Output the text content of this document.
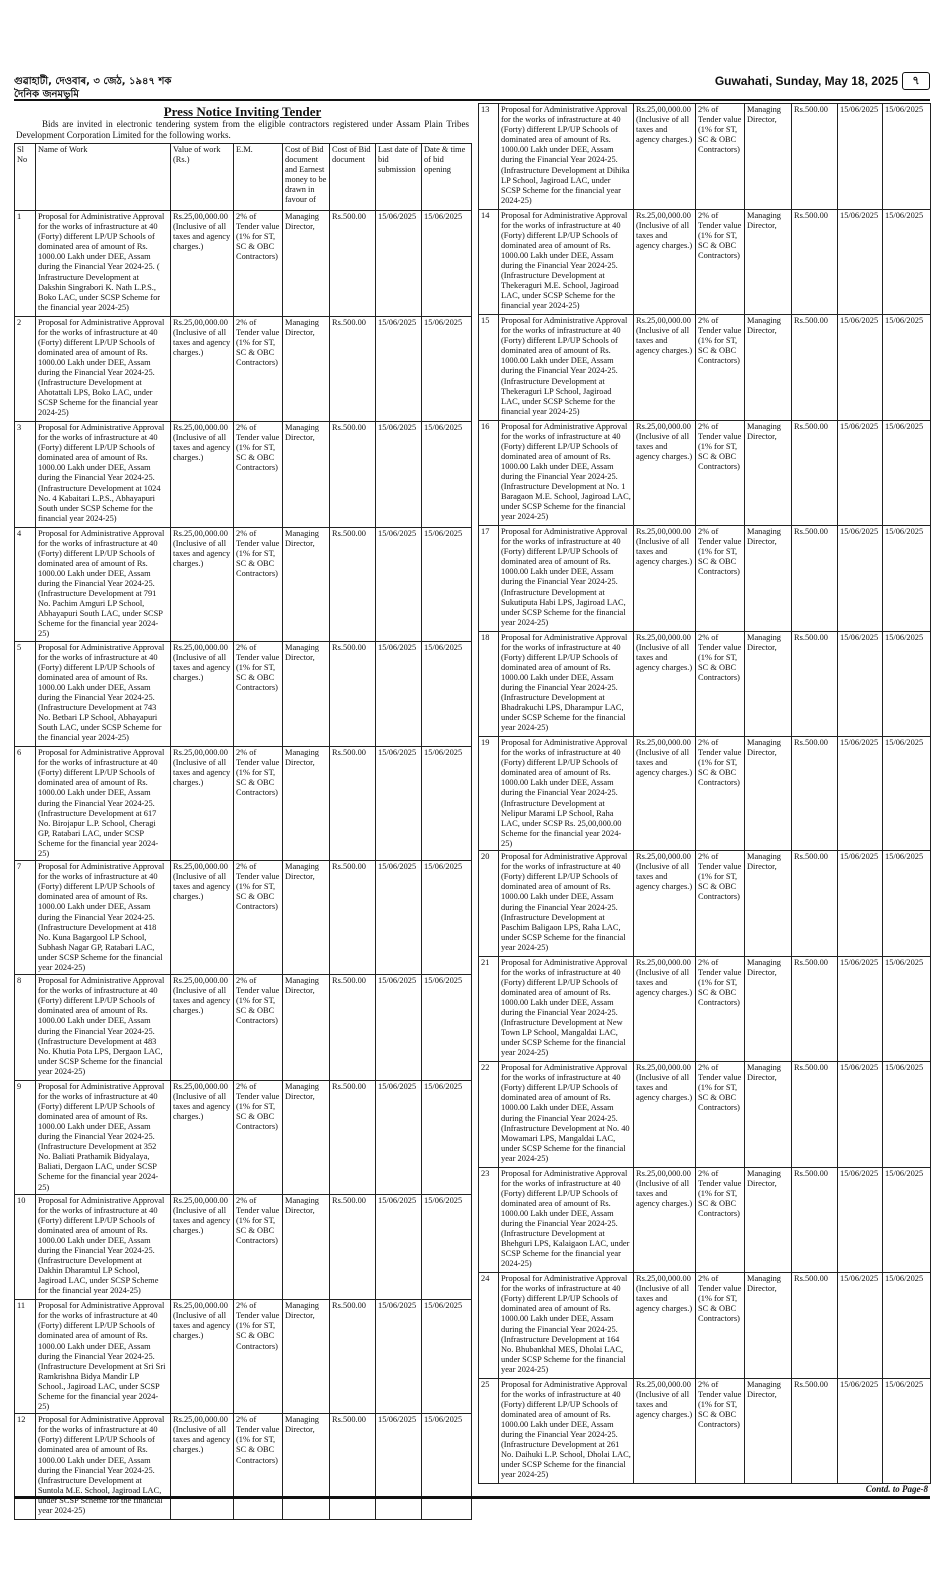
গুৱাহাটী, দেওবাৰ, ৩ জেঠ, ১৯৪৭ শক
দৈনিক জনমভূমি
Guwahati, Sunday, May 18, 2025	৭
Press Notice Inviting Tender
Bids are invited in electronic tendering system from the eligible contractors registered under Assam Plain Tribes Development Corporation Limited for the following works.
Sl No	Name of Work	Value of work (Rs.)	E.M.	Cost of Bid document and Earnest money to be drawn in favour of	Cost of Bid document	Last date of bid submission	Date & time of bid opening
1	Proposal for Administrative Approval for the works of infrastructure at 40 (Forty) different LP/UP Schools of dominated area of amount of Rs. 1000.00 Lakh under DEE, Assam during the Financial Year 2024-25. ( Infrastructure Development at Dakshin Singrabori K. Nath L.P.S., Boko LAC, under SCSP Scheme for the financial year 2024-25)	Rs.25,00,000.00 (Inclusive of all taxes and agency charges.)	2% of Tender value (1% for ST, SC & OBC Contractors)	Managing Director,	Rs.500.00	15/06/2025	15/06/2025
2	Proposal for Administrative Approval for the works of infrastructure at 40 (Forty) different LP/UP Schools of dominated area of amount of Rs. 1000.00 Lakh under DEE, Assam during the Financial Year 2024-25. (Infrastructure Development at Ahotattali LPS, Boko LAC, under SCSP Scheme for the financial year 2024-25)	Rs.25,00,000.00 (Inclusive of all taxes and agency charges.)	2% of Tender value (1% for ST, SC & OBC Contractors)	Managing Director,	Rs.500.00	15/06/2025	15/06/2025
3	Proposal for Administrative Approval for the works of infrastructure at 40 (Forty) different LP/UP Schools of dominated area of amount of Rs. 1000.00 Lakh under DEE, Assam during the Financial Year 2024-25. (Infrastructure Development at 1024 No. 4 Kabaitari L.P.S., Abhayapuri South under SCSP Scheme for the financial year 2024-25)	Rs.25,00,000.00 (Inclusive of all taxes and agency charges.)	2% of Tender value (1% for ST, SC & OBC Contractors)	Managing Director,	Rs.500.00	15/06/2025	15/06/2025
4	Proposal for Administrative Approval for the works of infrastructure at 40 (Forty) different LP/UP Schools of dominated area of amount of Rs. 1000.00 Lakh under DEE, Assam during the Financial Year 2024-25. (Infrastructure Development at 791 No. Pachim Amguri LP School, Abhayapuri South LAC, under SCSP Scheme for the financial year 2024-25)	Rs.25,00,000.00 (Inclusive of all taxes and agency charges.)	2% of Tender value (1% for ST, SC & OBC Contractors)	Managing Director,	Rs.500.00	15/06/2025	15/06/2025
5	Proposal for Administrative Approval for the works of infrastructure at 40 (Forty) different LP/UP Schools of dominated area of amount of Rs. 1000.00 Lakh under DEE, Assam during the Financial Year 2024-25. (Infrastructure Development at 743 No. Betbari LP School, Abhayapuri South LAC, under SCSP Scheme for the financial year 2024-25)	Rs.25,00,000.00 (Inclusive of all taxes and agency charges.)	2% of Tender value (1% for ST, SC & OBC Contractors)	Managing Director,	Rs.500.00	15/06/2025	15/06/2025
6	Proposal for Administrative Approval for the works of infrastructure at 40 (Forty) different LP/UP Schools of dominated area of amount of Rs. 1000.00 Lakh under DEE, Assam during the Financial Year 2024-25. (Infrastructure Development at 617 No. Birojapur L.P. School, Cheragi GP, Ratabari LAC, under SCSP Scheme for the financial year 2024-25)	Rs.25,00,000.00 (Inclusive of all taxes and agency charges.)	2% of Tender value (1% for ST, SC & OBC Contractors)	Managing Director,	Rs.500.00	15/06/2025	15/06/2025
7	Proposal for Administrative Approval for the works of infrastructure at 40 (Forty) different LP/UP Schools of dominated area of amount of Rs. 1000.00 Lakh under DEE, Assam during the Financial Year 2024-25. (Infrastructure Development at 418 No. Kuna Bagargool LP School, Subhash Nagar GP, Ratabari LAC, under SCSP Scheme for the financial year 2024-25)	Rs.25,00,000.00 (Inclusive of all taxes and agency charges.)	2% of Tender value (1% for ST, SC & OBC Contractors)	Managing Director,	Rs.500.00	15/06/2025	15/06/2025
8	Proposal for Administrative Approval for the works of infrastructure at 40 (Forty) different LP/UP Schools of dominated area of amount of Rs. 1000.00 Lakh under DEE, Assam during the Financial Year 2024-25. (Infrastructure Development at 483 No. Khutia Pota LPS, Dergaon LAC, under SCSP Scheme for the financial year 2024-25)	Rs.25,00,000.00 (Inclusive of all taxes and agency charges.)	2% of Tender value (1% for ST, SC & OBC Contractors)	Managing Director,	Rs.500.00	15/06/2025	15/06/2025
9	Proposal for Administrative Approval for the works of infrastructure at 40 (Forty) different LP/UP Schools of dominated area of amount of Rs. 1000.00 Lakh under DEE, Assam during the Financial Year 2024-25. (Infrastructure Development at 352 No. Baliati Prathamik Bidyalaya, Baliati, Dergaon LAC, under SCSP Scheme for the financial year 2024-25)	Rs.25,00,000.00 (Inclusive of all taxes and agency charges.)	2% of Tender value (1% for ST, SC & OBC Contractors)	Managing Director,	Rs.500.00	15/06/2025	15/06/2025
10	Proposal for Administrative Approval for the works of infrastructure at 40 (Forty) different LP/UP Schools of dominated area of amount of Rs. 1000.00 Lakh under DEE, Assam during the Financial Year 2024-25. (Infrastructure Development at Dakhin Dharamtul LP School, Jagiroad LAC, under SCSP Scheme for the financial year 2024-25)	Rs.25,00,000.00 (Inclusive of all taxes and agency charges.)	2% of Tender value (1% for ST, SC & OBC Contractors)	Managing Director,	Rs.500.00	15/06/2025	15/06/2025
11	Proposal for Administrative Approval for the works of infrastructure at 40 (Forty) different LP/UP Schools of dominated area of amount of Rs. 1000.00 Lakh under DEE, Assam during the Financial Year 2024-25. (Infrastructure Development at Sri Sri Ramkrishna Bidya Mandir LP School., Jagiroad LAC, under SCSP Scheme for the financial year 2024-25)	Rs.25,00,000.00 (Inclusive of all taxes and agency charges.)	2% of Tender value (1% for ST, SC & OBC Contractors)	Managing Director,	Rs.500.00	15/06/2025	15/06/2025
12	Proposal for Administrative Approval for the works of infrastructure at 40 (Forty) different LP/UP Schools of dominated area of amount of Rs. 1000.00 Lakh under DEE, Assam during the Financial Year 2024-25. (Infrastructure Development at Suntola M.E. School, Jagiroad LAC, under SCSP Scheme for the financial year 2024-25)	Rs.25,00,000.00 (Inclusive of all taxes and agency charges.)	2% of Tender value (1% for ST, SC & OBC Contractors)	Managing Director,	Rs.500.00	15/06/2025	15/06/2025
13	Proposal for Administrative Approval for the works of infrastructure at 40 (Forty) different LP/UP Schools of dominated area of amount of Rs. 1000.00 Lakh under DEE, Assam during the Financial Year 2024-25. (Infrastructure Development at Dihika LP School, Jagiroad LAC, under SCSP Scheme for the financial year 2024-25)	Rs.25,00,000.00 (Inclusive of all taxes and agency charges.)	2% of Tender value (1% for ST, SC & OBC Contractors)	Managing Director,	Rs.500.00	15/06/2025	15/06/2025
14	Proposal for Administrative Approval for the works of infrastructure at 40 (Forty) different LP/UP Schools of dominated area of amount of Rs. 1000.00 Lakh under DEE, Assam during the Financial Year 2024-25. (Infrastructure Development at Thekeraguri M.E. School, Jagiroad LAC, under SCSP Scheme for the financial year 2024-25)	Rs.25,00,000.00 (Inclusive of all taxes and agency charges.)	2% of Tender value (1% for ST, SC & OBC Contractors)	Managing Director,	Rs.500.00	15/06/2025	15/06/2025
15	Proposal for Administrative Approval for the works of infrastructure at 40 (Forty) different LP/UP Schools of dominated area of amount of Rs. 1000.00 Lakh under DEE, Assam during the Financial Year 2024-25. (Infrastructure Development at Thekeraguri LP School, Jagiroad LAC, under SCSP Scheme for the financial year 2024-25)	Rs.25,00,000.00 (Inclusive of all taxes and agency charges.)	2% of Tender value (1% for ST, SC & OBC Contractors)	Managing Director,	Rs.500.00	15/06/2025	15/06/2025
16	Proposal for Administrative Approval for the works of infrastructure at 40 (Forty) different LP/UP Schools of dominated area of amount of Rs. 1000.00 Lakh under DEE, Assam during the Financial Year 2024-25. (Infrastructure Development at No. 1 Baragaon M.E. School, Jagiroad LAC, under SCSP Scheme for the financial year 2024-25)	Rs.25,00,000.00 (Inclusive of all taxes and agency charges.)	2% of Tender value (1% for ST, SC & OBC Contractors)	Managing Director,	Rs.500.00	15/06/2025	15/06/2025
17	Proposal for Administrative Approval for the works of infrastructure at 40 (Forty) different LP/UP Schools of dominated area of amount of Rs. 1000.00 Lakh under DEE, Assam during the Financial Year 2024-25. (Infrastructure Development at Sukutiputa Habi LPS, Jagiroad LAC, under SCSP Scheme for the financial year 2024-25)	Rs.25,00,000.00 (Inclusive of all taxes and agency charges.)	2% of Tender value (1% for ST, SC & OBC Contractors)	Managing Director,	Rs.500.00	15/06/2025	15/06/2025
18	Proposal for Administrative Approval for the works of infrastructure at 40 (Forty) different LP/UP Schools of dominated area of amount of Rs. 1000.00 Lakh under DEE, Assam during the Financial Year 2024-25. (Infrastructure Development at Bhadrakuchi LPS, Dharampur LAC, under SCSP Scheme for the financial year 2024-25)	Rs.25,00,000.00 (Inclusive of all taxes and agency charges.)	2% of Tender value (1% for ST, SC & OBC Contractors)	Managing Director,	Rs.500.00	15/06/2025	15/06/2025
19	Proposal for Administrative Approval for the works of infrastructure at 40 (Forty) different LP/UP Schools of dominated area of amount of Rs. 1000.00 Lakh under DEE, Assam during the Financial Year 2024-25. (Infrastructure Development at Nelipur Marami LP School, Raha LAC, under SCSP Rs. 25,00,000.00 Scheme for the financial year 2024-25)	Rs.25,00,000.00 (Inclusive of all taxes and agency charges.)	2% of Tender value (1% for ST, SC & OBC Contractors)	Managing Director,	Rs.500.00	15/06/2025	15/06/2025
20	Proposal for Administrative Approval for the works of infrastructure at 40 (Forty) different LP/UP Schools of dominated area of amount of Rs. 1000.00 Lakh under DEE, Assam during the Financial Year 2024-25. (Infrastructure Development at Paschim Baligaon LPS, Raha LAC, under SCSP Scheme for the financial year 2024-25)	Rs.25,00,000.00 (Inclusive of all taxes and agency charges.)	2% of Tender value (1% for ST, SC & OBC Contractors)	Managing Director,	Rs.500.00	15/06/2025	15/06/2025
21	Proposal for Administrative Approval for the works of infrastructure at 40 (Forty) different LP/UP Schools of dominated area of amount of Rs. 1000.00 Lakh under DEE, Assam during the Financial Year 2024-25. (Infrastructure Development at New Town LP School, Mangaldai LAC, under SCSP Scheme for the financial year 2024-25)	Rs.25,00,000.00 (Inclusive of all taxes and agency charges.)	2% of Tender value (1% for ST, SC & OBC Contractors)	Managing Director,	Rs.500.00	15/06/2025	15/06/2025
22	Proposal for Administrative Approval for the works of infrastructure at 40 (Forty) different LP/UP Schools of dominated area of amount of Rs. 1000.00 Lakh under DEE, Assam during the Financial Year 2024-25. (Infrastructure Development at No. 40 Mowamari LPS, Mangaldai LAC, under SCSP Scheme for the financial year 2024-25)	Rs.25,00,000.00 (Inclusive of all taxes and agency charges.)	2% of Tender value (1% for ST, SC & OBC Contractors)	Managing Director,	Rs.500.00	15/06/2025	15/06/2025
23	Proposal for Administrative Approval for the works of infrastructure at 40 (Forty) different LP/UP Schools of dominated area of amount of Rs. 1000.00 Lakh under DEE, Assam during the Financial Year 2024-25. (Infrastructure Development at Bhehguri LPS, Kalaigaon LAC, under SCSP Scheme for the financial year 2024-25)	Rs.25,00,000.00 (Inclusive of all taxes and agency charges.)	2% of Tender value (1% for ST, SC & OBC Contractors)	Managing Director,	Rs.500.00	15/06/2025	15/06/2025
24	Proposal for Administrative Approval for the works of infrastructure at 40 (Forty) different LP/UP Schools of dominated area of amount of Rs. 1000.00 Lakh under DEE, Assam during the Financial Year 2024-25. (Infrastructure Development at 164 No. Bhubankhal MES, Dholai LAC, under SCSP Scheme for the financial year 2024-25)	Rs.25,00,000.00 (Inclusive of all taxes and agency charges.)	2% of Tender value (1% for ST, SC & OBC Contractors)	Managing Director,	Rs.500.00	15/06/2025	15/06/2025
25	Proposal for Administrative Approval for the works of infrastructure at 40 (Forty) different LP/UP Schools of dominated area of amount of Rs. 1000.00 Lakh under DEE, Assam during the Financial Year 2024-25. (Infrastructure Development at 261 No. Daihuki L.P. School, Dholai LAC, under SCSP Scheme for the financial year 2024-25)	Rs.25,00,000.00 (Inclusive of all taxes and agency charges.)	2% of Tender value (1% for ST, SC & OBC Contractors)	Managing Director,	Rs.500.00	15/06/2025	15/06/2025
Contd. to Page-8
